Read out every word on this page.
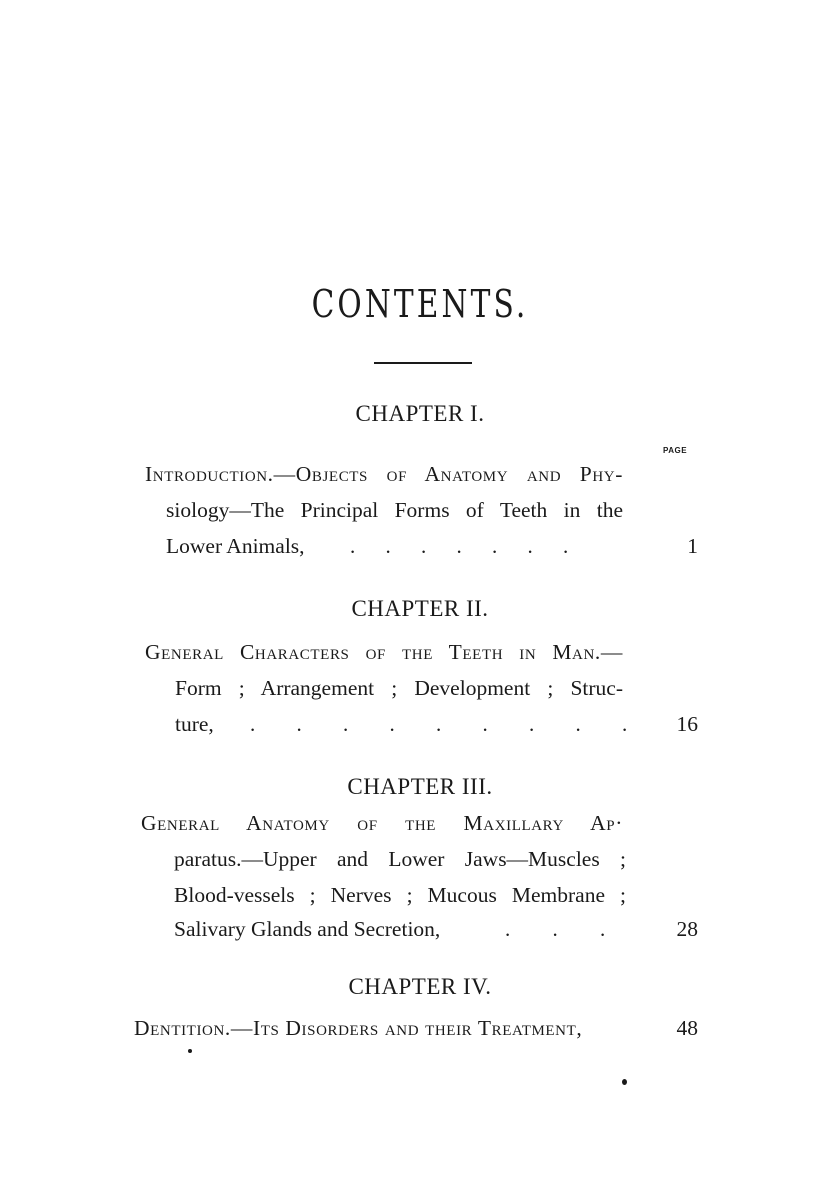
CONTENTS.
CHAPTER I.
PAGE
Introduction.—Objects of Anatomy and Phy-
siology—The Principal Forms of Teeth in the
Lower Animals, . . . . . . .	1
CHAPTER II.
General Characters of the Teeth in Man.—
Form ; Arrangement ; Development ; Struc-
ture, . . . . . . . . .	16
CHAPTER III.
General Anatomy of the Maxillary Ap·
paratus.—Upper and Lower Jaws—Muscles ;
Blood-vessels ; Nerves ; Mucous Membrane ;
Salivary Glands and Secretion,	. . .	28
CHAPTER IV.
Dentition.—Its Disorders and their Treatment,	48
